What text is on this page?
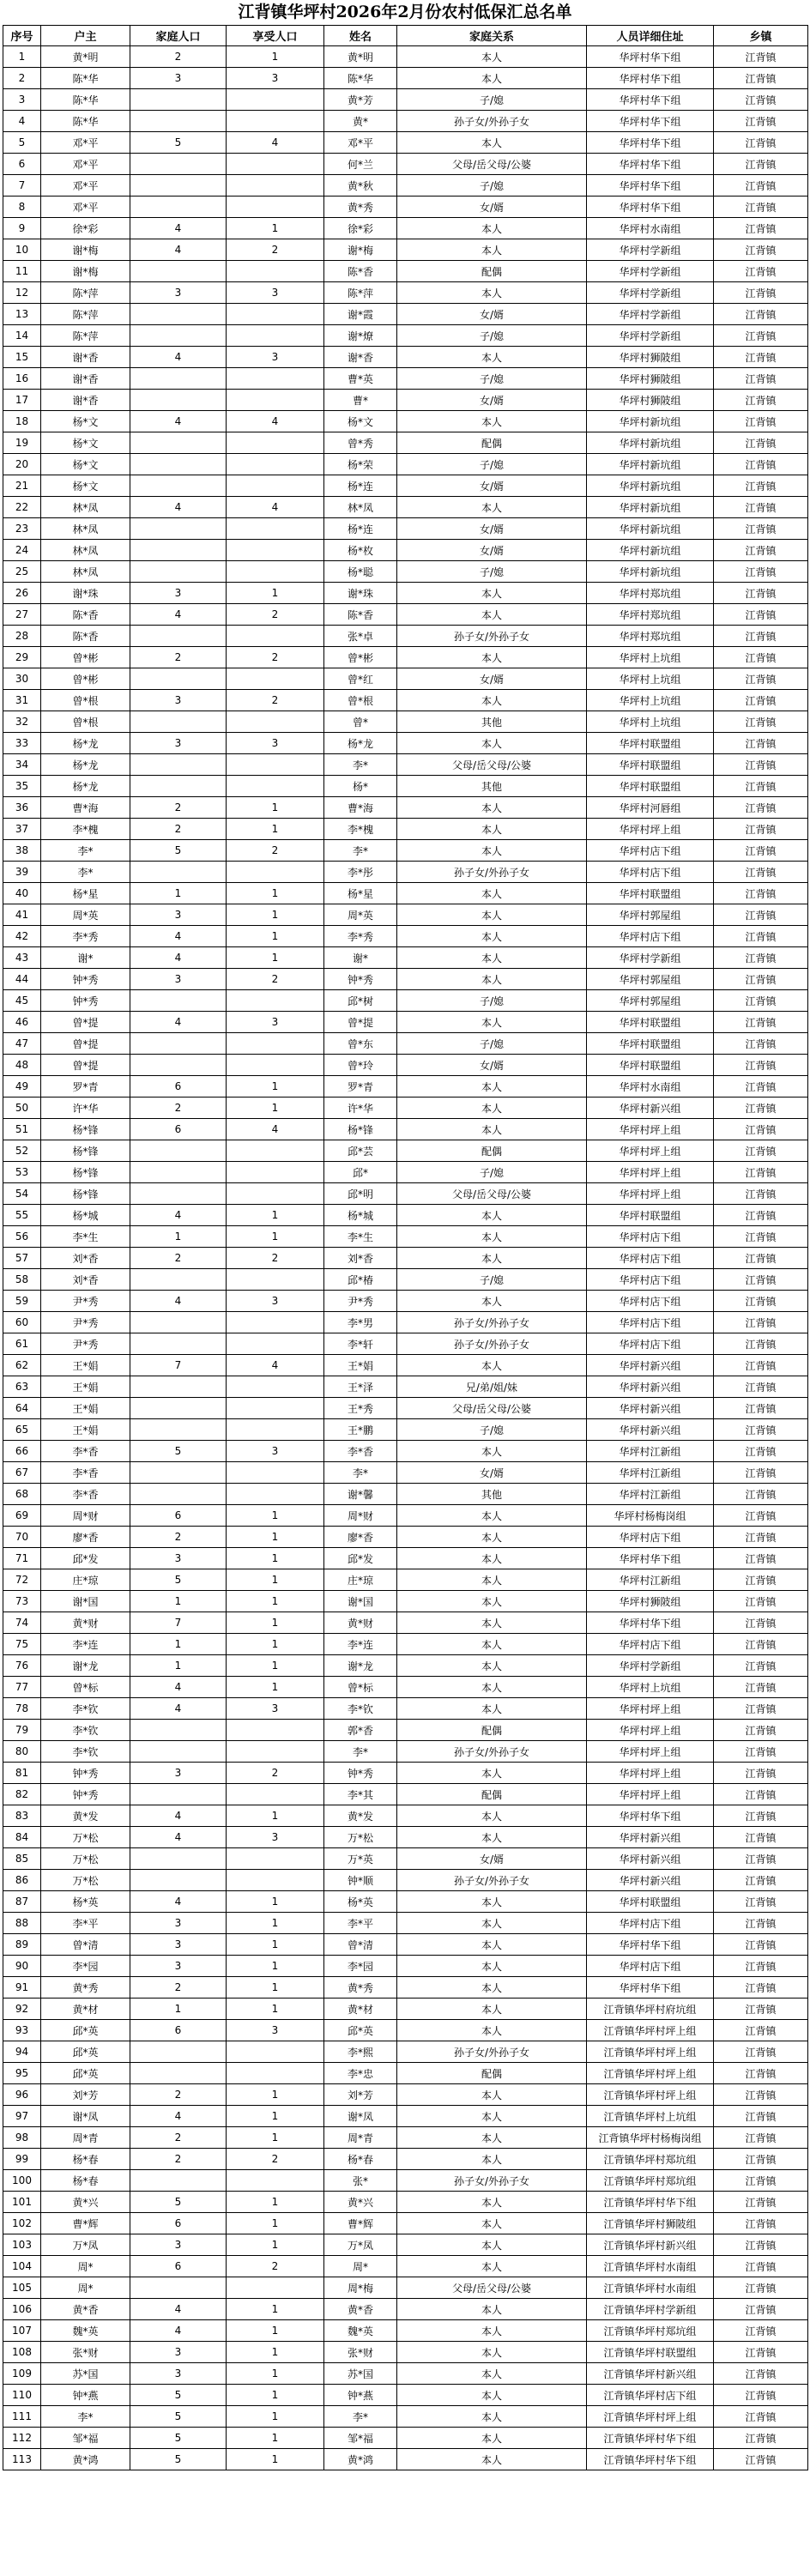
江背镇华坪村2026年2月份农村低保汇总名单
序号	户主	家庭人口	享受人口	姓名	家庭关系	人员详细住址	乡镇
1	黄*明	2	1	黄*明	本人	华坪村华下组	江背镇
2	陈*华	3	3	陈*华	本人	华坪村华下组	江背镇
3	陈*华			黄*芳	子/媳	华坪村华下组	江背镇
4	陈*华			黄*	孙子女/外孙子女	华坪村华下组	江背镇
5	邓*平	5	4	邓*平	本人	华坪村华下组	江背镇
6	邓*平			何*兰	父母/岳父母/公婆	华坪村华下组	江背镇
7	邓*平			黄*秋	子/媳	华坪村华下组	江背镇
8	邓*平			黄*秀	女/婿	华坪村华下组	江背镇
9	徐*彩	4	1	徐*彩	本人	华坪村水南组	江背镇
10	谢*梅	4	2	谢*梅	本人	华坪村学新组	江背镇
11	谢*梅			陈*香	配偶	华坪村学新组	江背镇
12	陈*萍	3	3	陈*萍	本人	华坪村学新组	江背镇
13	陈*萍			谢*霞	女/婿	华坪村学新组	江背镇
14	陈*萍			谢*燎	子/媳	华坪村学新组	江背镇
15	谢*香	4	3	谢*香	本人	华坪村狮陂组	江背镇
16	谢*香			曹*英	子/媳	华坪村狮陂组	江背镇
17	谢*香			曹*	女/婿	华坪村狮陂组	江背镇
18	杨*文	4	4	杨*文	本人	华坪村新坑组	江背镇
19	杨*文			曾*秀	配偶	华坪村新坑组	江背镇
20	杨*文			杨*荣	子/媳	华坪村新坑组	江背镇
21	杨*文			杨*连	女/婿	华坪村新坑组	江背镇
22	林*凤	4	4	林*凤	本人	华坪村新坑组	江背镇
23	林*凤			杨*连	女/婿	华坪村新坑组	江背镇
24	林*凤			杨*枚	女/婿	华坪村新坑组	江背镇
25	林*凤			杨*聪	子/媳	华坪村新坑组	江背镇
26	谢*珠	3	1	谢*珠	本人	华坪村郑坑组	江背镇
27	陈*香	4	2	陈*香	本人	华坪村郑坑组	江背镇
28	陈*香			张*卓	孙子女/外孙子女	华坪村郑坑组	江背镇
29	曾*彬	2	2	曾*彬	本人	华坪村上坑组	江背镇
30	曾*彬			曾*红	女/婿	华坪村上坑组	江背镇
31	曾*根	3	2	曾*根	本人	华坪村上坑组	江背镇
32	曾*根			曾*	其他	华坪村上坑组	江背镇
33	杨*龙	3	3	杨*龙	本人	华坪村联盟组	江背镇
34	杨*龙			李*	父母/岳父母/公婆	华坪村联盟组	江背镇
35	杨*龙			杨*	其他	华坪村联盟组	江背镇
36	曹*海	2	1	曹*海	本人	华坪村河唇组	江背镇
37	李*槐	2	1	李*槐	本人	华坪村坪上组	江背镇
38	李*	5	2	李*	本人	华坪村店下组	江背镇
39	李*			李*彤	孙子女/外孙子女	华坪村店下组	江背镇
40	杨*星	1	1	杨*星	本人	华坪村联盟组	江背镇
41	周*英	3	1	周*英	本人	华坪村郭屋组	江背镇
42	李*秀	4	1	李*秀	本人	华坪村店下组	江背镇
43	谢*	4	1	谢*	本人	华坪村学新组	江背镇
44	钟*秀	3	2	钟*秀	本人	华坪村郭屋组	江背镇
45	钟*秀			邱*树	子/媳	华坪村郭屋组	江背镇
46	曾*提	4	3	曾*提	本人	华坪村联盟组	江背镇
47	曾*提			曾*东	子/媳	华坪村联盟组	江背镇
48	曾*提			曾*玲	女/婿	华坪村联盟组	江背镇
49	罗*青	6	1	罗*青	本人	华坪村水南组	江背镇
50	许*华	2	1	许*华	本人	华坪村新兴组	江背镇
51	杨*锋	6	4	杨*锋	本人	华坪村坪上组	江背镇
52	杨*锋			邱*芸	配偶	华坪村坪上组	江背镇
53	杨*锋			邱*	子/媳	华坪村坪上组	江背镇
54	杨*锋			邱*明	父母/岳父母/公婆	华坪村坪上组	江背镇
55	杨*城	4	1	杨*城	本人	华坪村联盟组	江背镇
56	李*生	1	1	李*生	本人	华坪村店下组	江背镇
57	刘*香	2	2	刘*香	本人	华坪村店下组	江背镇
58	刘*香			邱*椿	子/媳	华坪村店下组	江背镇
59	尹*秀	4	3	尹*秀	本人	华坪村店下组	江背镇
60	尹*秀			李*男	孙子女/外孙子女	华坪村店下组	江背镇
61	尹*秀			李*轩	孙子女/外孙子女	华坪村店下组	江背镇
62	王*娟	7	4	王*娟	本人	华坪村新兴组	江背镇
63	王*娟			王*泽	兄/弟/姐/妹	华坪村新兴组	江背镇
64	王*娟			王*秀	父母/岳父母/公婆	华坪村新兴组	江背镇
65	王*娟			王*鹏	子/媳	华坪村新兴组	江背镇
66	李*香	5	3	李*香	本人	华坪村江新组	江背镇
67	李*香			李*	女/婿	华坪村江新组	江背镇
68	李*香			谢*馨	其他	华坪村江新组	江背镇
69	周*财	6	1	周*财	本人	华坪村杨梅岗组	江背镇
70	廖*香	2	1	廖*香	本人	华坪村店下组	江背镇
71	邱*发	3	1	邱*发	本人	华坪村华下组	江背镇
72	庄*琼	5	1	庄*琼	本人	华坪村江新组	江背镇
73	谢*国	1	1	谢*国	本人	华坪村狮陂组	江背镇
74	黄*财	7	1	黄*财	本人	华坪村华下组	江背镇
75	李*连	1	1	李*连	本人	华坪村店下组	江背镇
76	谢*龙	1	1	谢*龙	本人	华坪村学新组	江背镇
77	曾*标	4	1	曾*标	本人	华坪村上坑组	江背镇
78	李*钦	4	3	李*钦	本人	华坪村坪上组	江背镇
79	李*钦			郭*香	配偶	华坪村坪上组	江背镇
80	李*钦			李*	孙子女/外孙子女	华坪村坪上组	江背镇
81	钟*秀	3	2	钟*秀	本人	华坪村坪上组	江背镇
82	钟*秀			李*其	配偶	华坪村坪上组	江背镇
83	黄*发	4	1	黄*发	本人	华坪村华下组	江背镇
84	万*松	4	3	万*松	本人	华坪村新兴组	江背镇
85	万*松			万*英	女/婿	华坪村新兴组	江背镇
86	万*松			钟*顺	孙子女/外孙子女	华坪村新兴组	江背镇
87	杨*英	4	1	杨*英	本人	华坪村联盟组	江背镇
88	李*平	3	1	李*平	本人	华坪村店下组	江背镇
89	曾*清	3	1	曾*清	本人	华坪村华下组	江背镇
90	李*园	3	1	李*园	本人	华坪村店下组	江背镇
91	黄*秀	2	1	黄*秀	本人	华坪村华下组	江背镇
92	黄*材	1	1	黄*材	本人	江背镇华坪村府坑组	江背镇
93	邱*英	6	3	邱*英	本人	江背镇华坪村坪上组	江背镇
94	邱*英			李*熙	孙子女/外孙子女	江背镇华坪村坪上组	江背镇
95	邱*英			李*忠	配偶	江背镇华坪村坪上组	江背镇
96	刘*芳	2	1	刘*芳	本人	江背镇华坪村坪上组	江背镇
97	谢*凤	4	1	谢*凤	本人	江背镇华坪村上坑组	江背镇
98	周*青	2	1	周*青	本人	江背镇华坪村杨梅岗组	江背镇
99	杨*春	2	2	杨*春	本人	江背镇华坪村郑坑组	江背镇
100	杨*春			张*	孙子女/外孙子女	江背镇华坪村郑坑组	江背镇
101	黄*兴	5	1	黄*兴	本人	江背镇华坪村华下组	江背镇
102	曹*辉	6	1	曹*辉	本人	江背镇华坪村狮陂组	江背镇
103	万*凤	3	1	万*凤	本人	江背镇华坪村新兴组	江背镇
104	周*	6	2	周*	本人	江背镇华坪村水南组	江背镇
105	周*			周*梅	父母/岳父母/公婆	江背镇华坪村水南组	江背镇
106	黄*香	4	1	黄*香	本人	江背镇华坪村学新组	江背镇
107	魏*英	4	1	魏*英	本人	江背镇华坪村郑坑组	江背镇
108	张*财	3	1	张*财	本人	江背镇华坪村联盟组	江背镇
109	苏*国	3	1	苏*国	本人	江背镇华坪村新兴组	江背镇
110	钟*燕	5	1	钟*燕	本人	江背镇华坪村店下组	江背镇
111	李*	5	1	李*	本人	江背镇华坪村坪上组	江背镇
112	邹*福	5	1	邹*福	本人	江背镇华坪村华下组	江背镇
113	黄*鸿	5	1	黄*鸿	本人	江背镇华坪村华下组	江背镇
